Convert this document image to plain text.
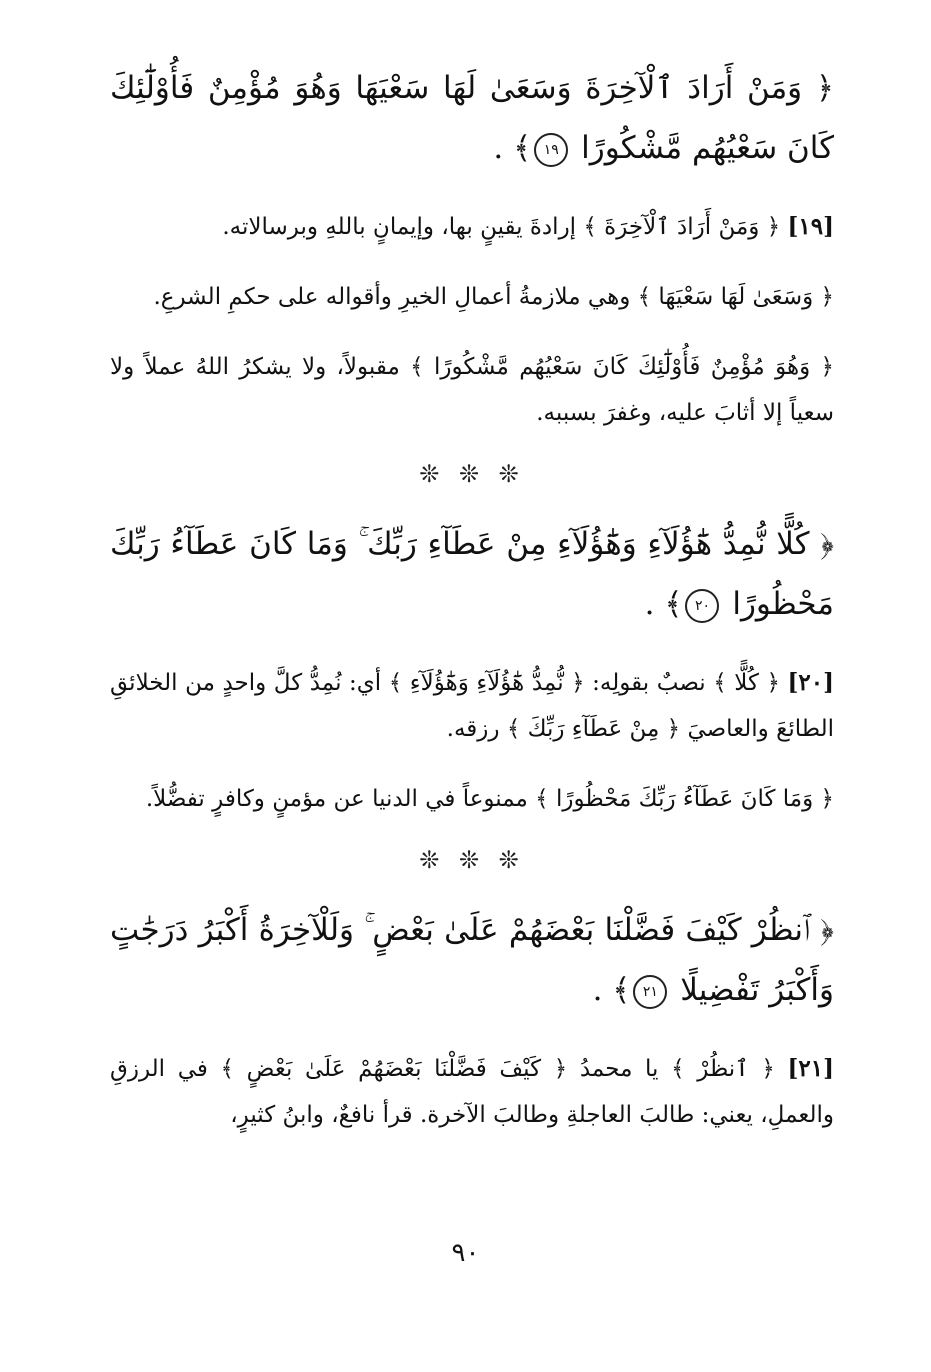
﴿ وَمَنْ أَرَادَ ٱلْآخِرَةَ وَسَعَىٰ لَهَا سَعْيَهَا وَهُوَ مُؤْمِنٌ فَأُوْلَٰٓئِكَ كَانَ سَعْيُهُم مَّشْكُورًا ١٩﴾ .

[١٩] ﴿ وَمَنْ أَرَادَ ٱلْآخِرَةَ ﴾ إرادةَ يقينٍ بها، وإيمانٍ باللهِ وبرسالاته.

﴿ وَسَعَىٰ لَهَا سَعْيَهَا ﴾ وهي ملازمةُ أعمالِ الخيرِ وأقواله على حكمِ الشرعِ.

﴿ وَهُوَ مُؤْمِنٌ فَأُوْلَٰٓئِكَ كَانَ سَعْيُهُم مَّشْكُورًا ﴾ مقبولاً، ولا يشكرُ اللهُ عملاً ولا سعياً إلا أثابَ عليه، وغفرَ بسببه.

❊ ❊ ❊

﴿ كُلًّا نُّمِدُّ هَٰٓؤُلَآءِ وَهَٰٓؤُلَآءِ مِنْ عَطَآءِ رَبِّكَ ۚ وَمَا كَانَ عَطَآءُ رَبِّكَ مَحْظُورًا ٢٠﴾ .

[٢٠] ﴿ كُلًّا ﴾ نصبٌ بقولِه: ﴿ نُّمِدُّ هَٰٓؤُلَآءِ وَهَٰٓؤُلَآءِ ﴾ أي: نُمِدُّ كلَّ واحدٍ من الخلائقِ الطائعَ والعاصيَ ﴿ مِنْ عَطَآءِ رَبِّكَ ﴾ رزقه.

﴿ وَمَا كَانَ عَطَآءُ رَبِّكَ مَحْظُورًا ﴾ ممنوعاً في الدنيا عن مؤمنٍ وكافرٍ تفضُّلاً.

❊ ❊ ❊

﴿ ٱنظُرْ كَيْفَ فَضَّلْنَا بَعْضَهُمْ عَلَىٰ بَعْضٍ ۚ وَلَلْآخِرَةُ أَكْبَرُ دَرَجَٰتٍ وَأَكْبَرُ تَفْضِيلًا ٢١﴾ .

[٢١] ﴿ ٱنظُرْ ﴾ يا محمدُ ﴿ كَيْفَ فَضَّلْنَا بَعْضَهُمْ عَلَىٰ بَعْضٍ ﴾ في الرزقِ والعملِ، يعني: طالبَ العاجلةِ وطالبَ الآخرة. قرأ نافعٌ، وابنُ كثيرٍ،

٩٠
